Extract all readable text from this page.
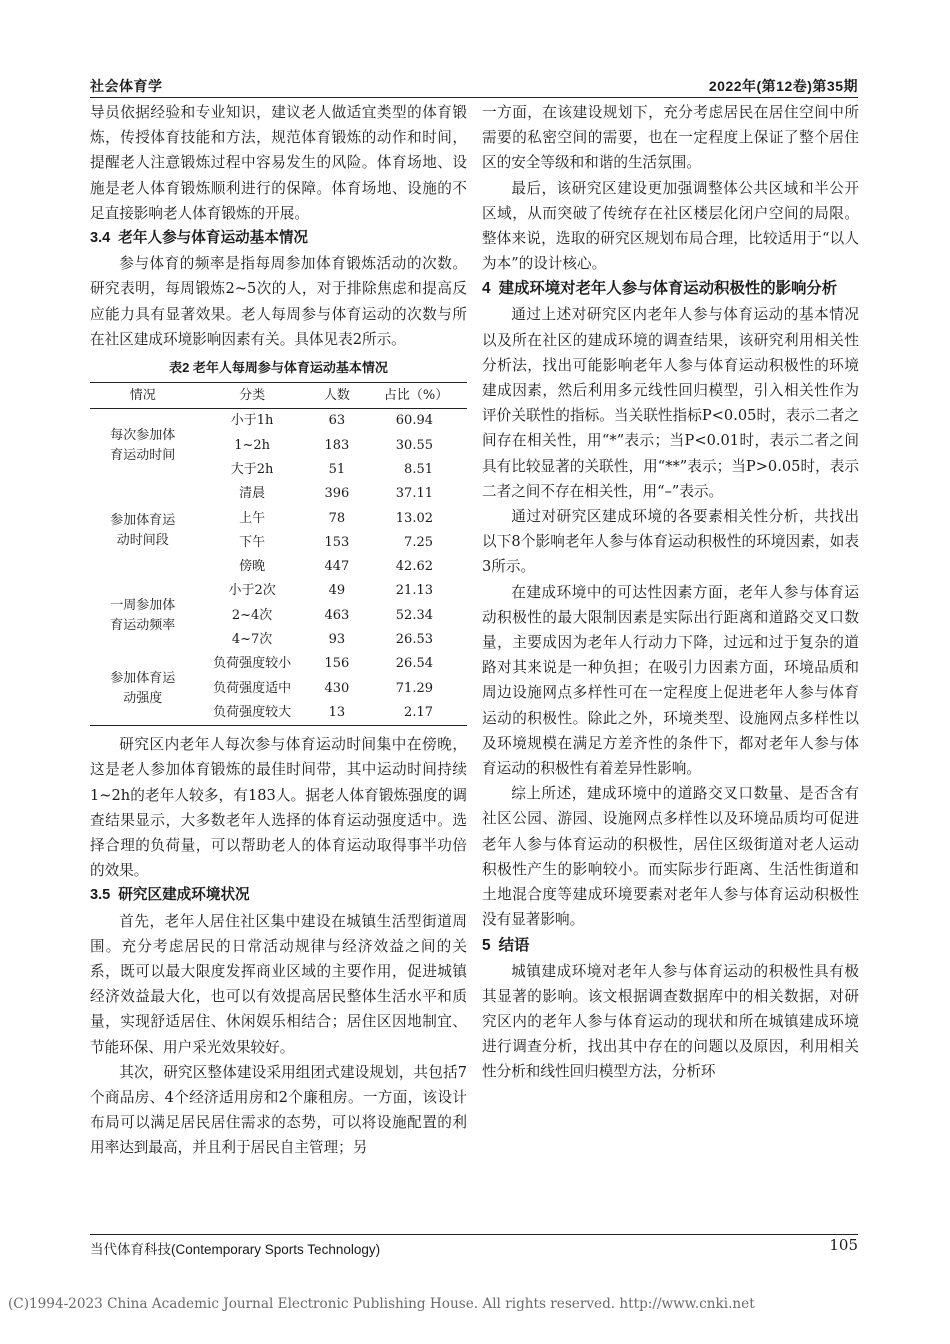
社会体育学	2022年(第12卷)第35期

导员依据经验和专业知识，建议老人做适宜类型的体育锻炼，传授体育技能和方法，规范体育锻炼的动作和时间，提醒老人注意锻炼过程中容易发生的风险。体育场地、设施是老人体育锻炼顺利进行的保障。体育场地、设施的不足直接影响老人体育锻炼的开展。

3.4 老年人参与体育运动基本情况

参与体育的频率是指每周参加体育锻炼活动的次数。研究表明，每周锻炼2~5次的人，对于排除焦虑和提高反应能力具有显著效果。老人每周参与体育运动的次数与所在社区建成环境影响因素有关。具体见表2所示。

表2 老年人每周参与体育运动基本情况
情况	分类	人数	占比（%）
每次参加体育运动时间	小于1h	63	60.94
	1~2h	183	30.55
	大于2h	51	8.51
参加体育运动时间段	清晨	396	37.11
	上午	78	13.02
	下午	153	7.25
	傍晚	447	42.62
一周参加体育运动频率	小于2次	49	21.13
	2~4次	463	52.34
	4~7次	93	26.53
参加体育运动强度	负荷强度较小	156	26.54
	负荷强度适中	430	71.29
	负荷强度较大	13	2.17

研究区内老年人每次参与体育运动时间集中在傍晚，这是老人参加体育锻炼的最佳时间带，其中运动时间持续1~2h的老年人较多，有183人。据老人体育锻炼强度的调查结果显示，大多数老年人选择的体育运动强度适中。选择合理的负荷量，可以帮助老人的体育运动取得事半功倍的效果。

3.5 研究区建成环境状况

首先，老年人居住社区集中建设在城镇生活型街道周围。充分考虑居民的日常活动规律与经济效益之间的关系，既可以最大限度发挥商业区域的主要作用，促进城镇经济效益最大化，也可以有效提高居民整体生活水平和质量，实现舒适居住、休闲娱乐相结合；居住区因地制宜、节能环保、用户采光效果较好。

其次，研究区整体建设采用组团式建设规划，共包括7个商品房、4个经济适用房和2个廉租房。一方面，该设计布局可以满足居民居住需求的态势，可以将设施配置的利用率达到最高，并且利于居民自主管理；另

一方面，在该建设规划下，充分考虑居民在居住空间中所需要的私密空间的需要，也在一定程度上保证了整个居住区的安全等级和和谐的生活氛围。

最后，该研究区建设更加强调整体公共区域和半公开区域，从而突破了传统存在社区楼层化闭户空间的局限。整体来说，选取的研究区规划布局合理，比较适用于“以人为本”的设计核心。

4 建成环境对老年人参与体育运动积极性的影响分析

通过上述对研究区内老年人参与体育运动的基本情况以及所在社区的建成环境的调查结果，该研究利用相关性分析法，找出可能影响老年人参与体育运动积极性的环境建成因素，然后利用多元线性回归模型，引入相关性作为评价关联性的指标。当关联性指标P<0.05时，表示二者之间存在相关性，用“*”表示；当P<0.01时，表示二者之间具有比较显著的关联性，用“**”表示；当P>0.05时，表示二者之间不存在相关性，用“–”表示。

通过对研究区建成环境的各要素相关性分析，共找出以下8个影响老年人参与体育运动积极性的环境因素，如表3所示。

在建成环境中的可达性因素方面，老年人参与体育运动积极性的最大限制因素是实际出行距离和道路交叉口数量，主要成因为老年人行动力下降，过远和过于复杂的道路对其来说是一种负担；在吸引力因素方面，环境品质和周边设施网点多样性可在一定程度上促进老年人参与体育运动的积极性。除此之外，环境类型、设施网点多样性以及环境规模在满足方差齐性的条件下，都对老年人参与体育运动的积极性有着差异性影响。

综上所述，建成环境中的道路交叉口数量、是否含有社区公园、游园、设施网点多样性以及环境品质均可促进老年人参与体育运动的积极性，居住区级街道对老人运动积极性产生的影响较小。而实际步行距离、生活性街道和土地混合度等建成环境要素对老年人参与体育运动积极性没有显著影响。

5 结语

城镇建成环境对老年人参与体育运动的积极性具有极其显著的影响。该文根据调查数据库中的相关数据，对研究区内的老年人参与体育运动的现状和所在城镇建成环境进行调查分析，找出其中存在的问题以及原因，利用相关性分析和线性回归模型方法，分析环

当代体育科技(Contemporary Sports Technology)	105
(C)1994-2023 China Academic Journal Electronic Publishing House. All rights reserved. http://www.cnki.net
